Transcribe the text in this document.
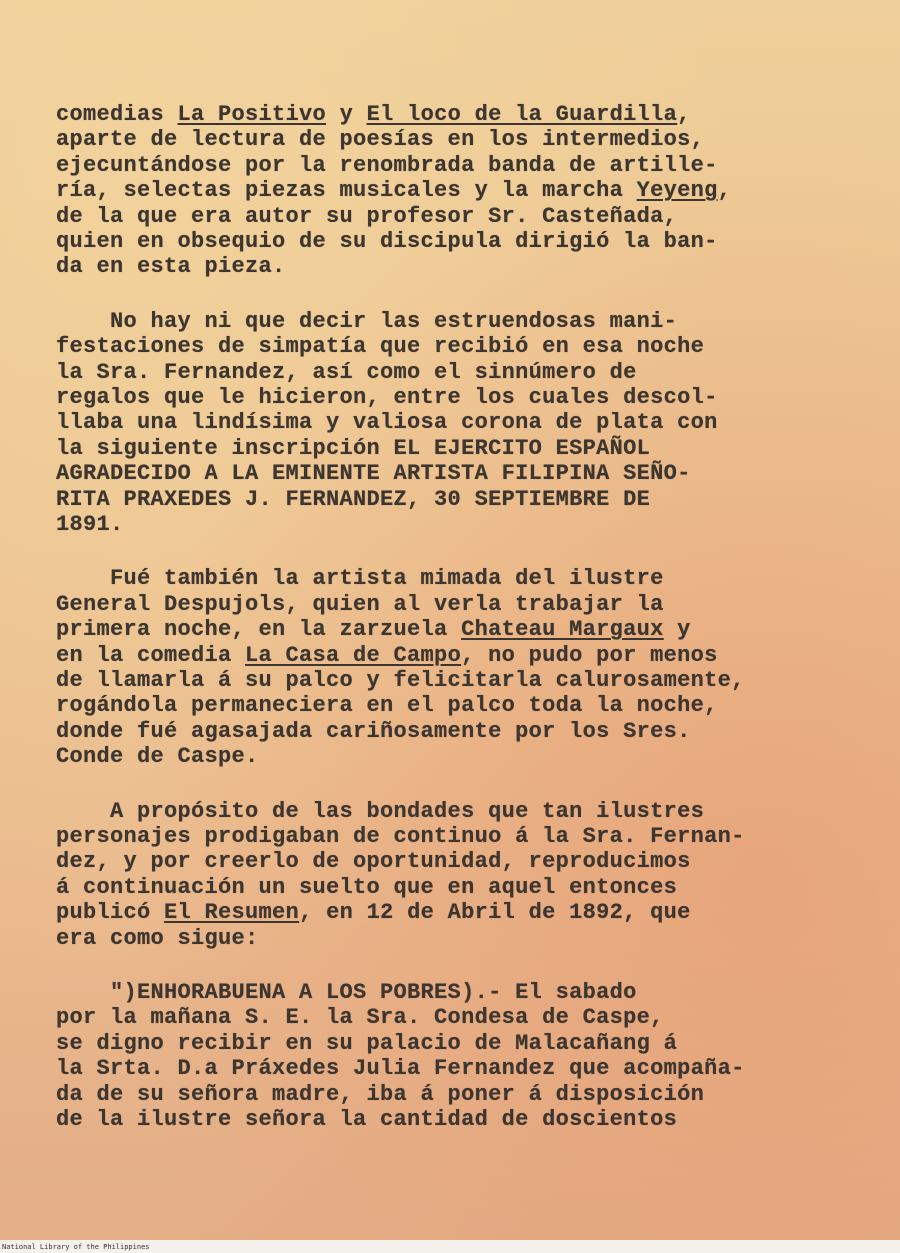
comedias La Positivo y El loco de la Guardilla,
aparte de lectura de poesías en los intermedios,
ejecuntándose por la renombrada banda de artille-
ría, selectas piezas musicales y la marcha Yeyeng,
de la que era autor su profesor Sr. Casteñada,
quien en obsequio de su discipula dirigió la ban-
da en esta pieza.
No hay ni que decir las estruendosas mani-
festaciones de simpatía que recibió en esa noche
la Sra. Fernandez, así como el sinnúmero de
regalos que le hicieron, entre los cuales descol-
llaba una lindísima y valiosa corona de plata con
la siguiente inscripción EL EJERCITO ESPAÑOL
AGRADECIDO A LA EMINENTE ARTISTA FILIPINA SEÑO-
RITA PRAXEDES J. FERNANDEZ, 30 SEPTIEMBRE DE
1891.
Fué también la artista mimada del ilustre
General Despujols, quien al verla trabajar la
primera noche, en la zarzuela Chateau Margaux y
en la comedia La Casa de Campo, no pudo por menos
de llamarla á su palco y felicitarla calurosamente,
rogándola permaneciera en el palco toda la noche,
donde fué agasajada cariñosamente por los Sres.
Conde de Caspe.
A propósito de las bondades que tan ilustres
personajes prodigaban de continuo á la Sra. Fernan-
dez, y por creerlo de oportunidad, reproducimos
á continuación un suelto que en aquel entonces
publicó El Resumen, en 12 de Abril de 1892, que
era como sigue:
")ENHORABUENA A LOS POBRES).- El sabado
por la mañana S. E. la Sra. Condesa de Caspe,
se digno recibir en su palacio de Malacañang á
la Srta. D.a Práxedes Julia Fernandez que acompaña-
da de su señora madre, iba á poner á disposición
de la ilustre señora la cantidad de doscientos
National Library of the Philippines
